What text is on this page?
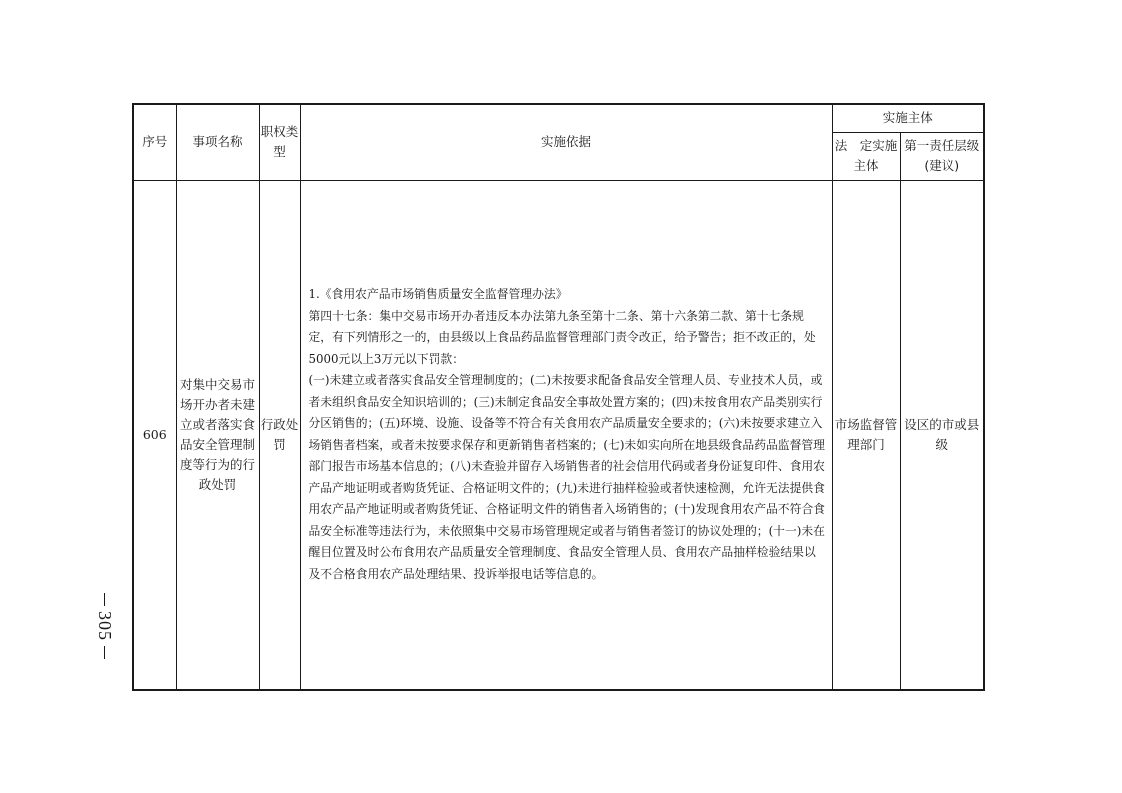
305
序号	事项名称	职权类型	实施依据	实施主体	
				法　定实施主体	第一责任层级(建议)
606	对集中交易市场开办者未建立或者落实食品安全管理制度等行为的行政处罚	行政处罚	1.《食用农产品市场销售质量安全监督管理办法》

第四十七条：集中交易市场开办者违反本办法第九条至第十二条、第十六条第二款、第十七条规定，有下列情形之一的，由县级以上食品药品监督管理部门责令改正，给予警告；拒不改正的，处5000元以上3万元以下罚款：

(一)未建立或者落实食品安全管理制度的；(二)未按要求配备食品安全管理人员、专业技术人员，或者未组织食品安全知识培训的；(三)未制定食品安全事故处置方案的；(四)未按食用农产品类别实行分区销售的；(五)环境、设施、设备等不符合有关食用农产品质量安全要求的；(六)未按要求建立入场销售者档案，或者未按要求保存和更新销售者档案的；(七)未如实向所在地县级食品药品监督管理部门报告市场基本信息的；(八)未查验并留存入场销售者的社会信用代码或者身份证复印件、食用农产品产地证明或者购货凭证、合格证明文件的；(九)未进行抽样检验或者快速检测，允许无法提供食用农产品产地证明或者购货凭证、合格证明文件的销售者入场销售的；(十)发现食用农产品不符合食品安全标准等违法行为，未依照集中交易市场管理规定或者与销售者签订的协议处理的；(十一)未在醒目位置及时公布食用农产品质量安全管理制度、食品安全管理人员、食用农产品抽样检验结果以及不合格食用农产品处理结果、投诉举报电话等信息的。	市场监督管理部门	设区的市或县级
